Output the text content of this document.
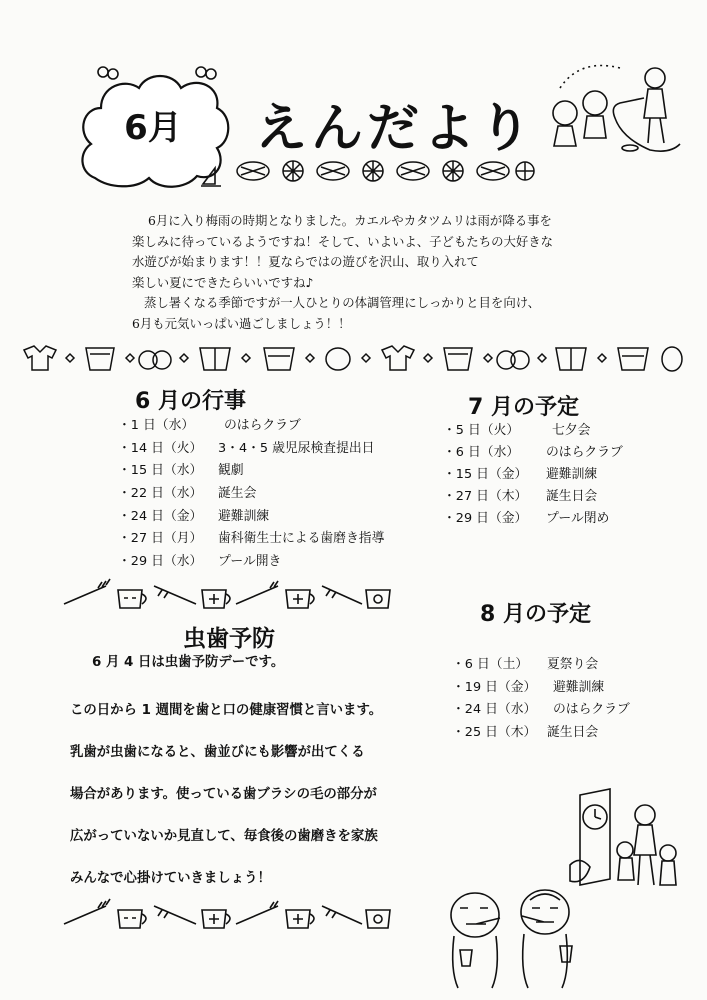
6月	えんだより

6月に入り梅雨の時期となりました。カエルやカタツムリは雨が降る事を

楽しみに待っているようですね！そして、いよいよ、子どもたちの大好きな

水遊びが始まります！！夏ならではの遊びを沢山、取り入れて

楽しい夏にできたらいいですね♪

蒸し暑くなる季節ですが一人ひとりの体調管理にしっかりと目を向け、

6月も元気いっぱい過ごしましょう！！

6 月の行事
・1 日（水） のはらクラブ
・14 日（火） 3・4・5 歳児尿検査提出日
・15 日（水） 観劇
・22 日（水） 誕生会
・24 日（金） 避難訓練
・27 日（月） 歯科衛生士による歯磨き指導
・29 日（水） プール開き
7 月の予定
・5 日（火）	七夕会
・6 日（水） のはらクラブ
・15 日（金） 避難訓練
・27 日（木） 誕生日会
・29 日（金） プール閉め
8 月の予定
・6 日（土） 夏祭り会
・19 日（金） 避難訓練
・24 日（水） のはらクラブ
・25 日（木） 誕生日会
虫歯予防

6 月 4 日は虫歯予防デーです。

この日から 1 週間を歯と口の健康習慣と言います。

乳歯が虫歯になると、歯並びにも影響が出てくる

場合があります。使っている歯ブラシの毛の部分が

広がっていないか見直して、毎食後の歯磨きを家族

みんなで心掛けていきましょう！
